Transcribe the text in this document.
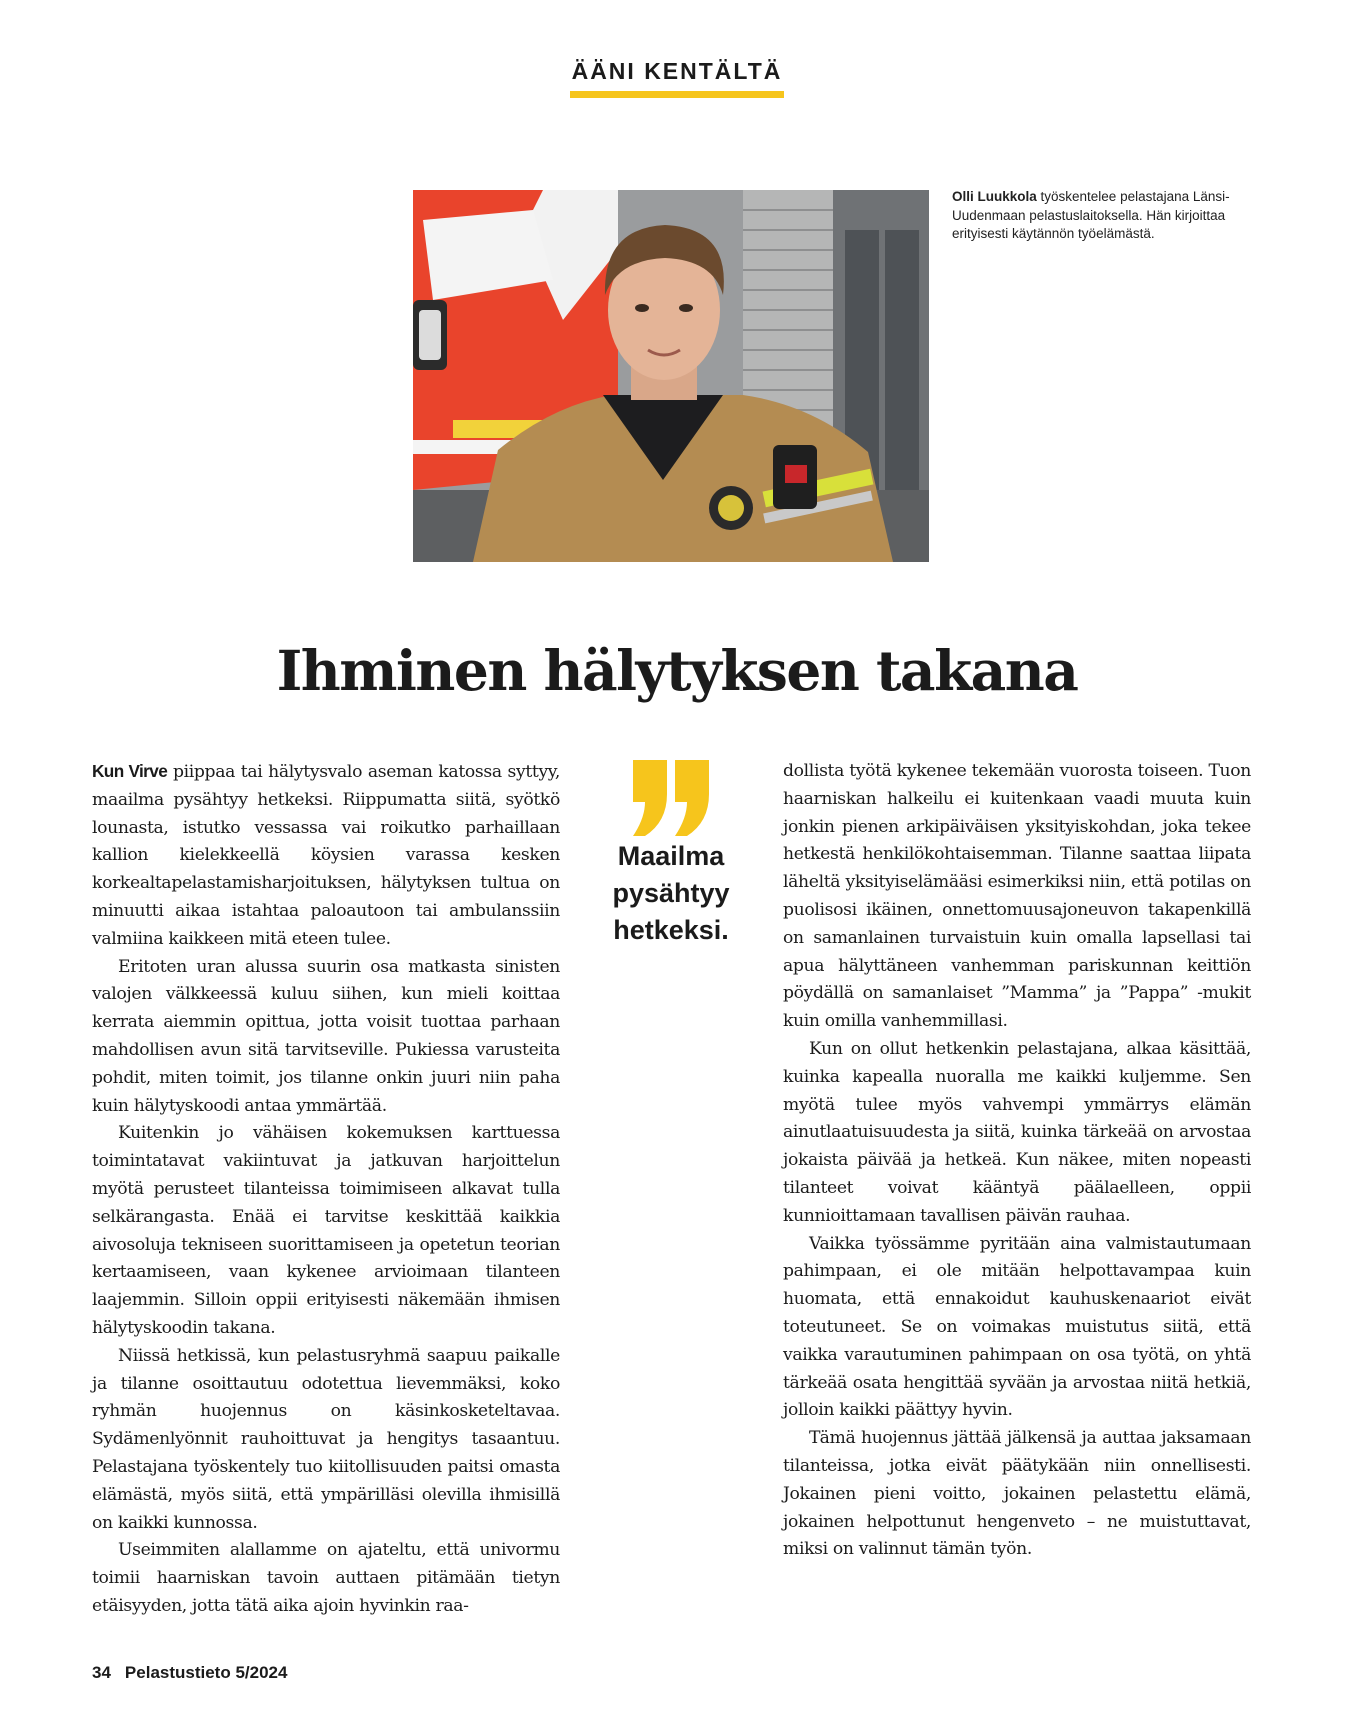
ÄÄNI KENTÄLTÄ
Olli Luukkola työskentelee pelastajana Länsi-Uudenmaan pelastuslaitoksella. Hän kirjoittaa erityisesti käytännön työelämästä.
Ihminen hälytyksen takana

Kun Virve piippaa tai hälytysvalo aseman katossa syttyy, maailma pysähtyy hetkeksi. Riippumatta siitä, syötkö lounasta, istutko vessassa vai roikutko parhaillaan kallion kielekkeellä köysien varassa kesken korkealtapelastamisharjoituksen, hälytyksen tultua on minuutti aikaa istahtaa paloautoon tai ambulanssiin valmiina kaikkeen mitä eteen tulee.

Eritoten uran alussa suurin osa matkasta sinisten valojen välkkeessä kuluu siihen, kun mieli koittaa kerrata aiemmin opittua, jotta voisit tuottaa parhaan mahdollisen avun sitä tarvitseville. Pukiessa varusteita pohdit, miten toimit, jos tilanne onkin juuri niin paha kuin hälytyskoodi antaa ymmärtää.

Kuitenkin jo vähäisen kokemuksen karttuessa toimintatavat vakiintuvat ja jatkuvan harjoittelun myötä perusteet tilanteissa toimimiseen alkavat tulla selkärangasta. Enää ei tarvitse keskittää kaikkia aivosoluja tekniseen suorittamiseen ja opetetun teorian kertaamiseen, vaan kykenee arvioimaan tilanteen laajemmin. Silloin oppii erityisesti näkemään ihmisen hälytyskoodin takana.

Niissä hetkissä, kun pelastusryhmä saapuu paikalle ja tilanne osoittautuu odotettua lievemmäksi, koko ryhmän huojennus on käsinkosketeltavaa. Sydämenlyönnit rauhoittuvat ja hengitys tasaantuu. Pelastajana työskentely tuo kiitollisuuden paitsi omasta elämästä, myös siitä, että ympärilläsi olevilla ihmisillä on kaikki kunnossa.

Useimmiten alallamme on ajateltu, että univormu toimii haarniskan tavoin auttaen pitämään tietyn etäisyyden, jotta tätä aika ajoin hyvinkin raa-

Maailma pysähtyy hetkeksi.

dollista työtä kykenee tekemään vuorosta toiseen. Tuon haarniskan halkeilu ei kuitenkaan vaadi muuta kuin jonkin pienen arkipäiväisen yksityiskohdan, joka tekee hetkestä henkilökohtaisemman. Tilanne saattaa liipata läheltä yksityiselämääsi esimerkiksi niin, että potilas on puolisosi ikäinen, onnettomuusajoneuvon takapenkillä on samanlainen turvaistuin kuin omalla lapsellasi tai apua hälyttäneen vanhemman pariskunnan keittiön pöydällä on samanlaiset ”Mamma” ja ”Pappa” -mukit kuin omilla vanhemmillasi.

Kun on ollut hetkenkin pelastajana, alkaa käsittää, kuinka kapealla nuoralla me kaikki kuljemme. Sen myötä tulee myös vahvempi ymmärrys elämän ainutlaatuisuudesta ja siitä, kuinka tärkeää on arvostaa jokaista päivää ja hetkeä. Kun näkee, miten nopeasti tilanteet voivat kääntyä päälaelleen, oppii kunnioittamaan tavallisen päivän rauhaa.

Vaikka työssämme pyritään aina valmistautumaan pahimpaan, ei ole mitään helpottavampaa kuin huomata, että ennakoidut kauhuskenaariot eivät toteutuneet. Se on voimakas muistutus siitä, että vaikka varautuminen pahimpaan on osa työtä, on yhtä tärkeää osata hengittää syvään ja arvostaa niitä hetkiä, jolloin kaikki päättyy hyvin.

Tämä huojennus jättää jälkensä ja auttaa jaksamaan tilanteissa, jotka eivät päätykään niin onnellisesti. Jokainen pieni voitto, jokainen pelastettu elämä, jokainen helpottunut hengenveto – ne muistuttavat, miksi on valinnut tämän työn.

34 Pelastustieto 5/2024
